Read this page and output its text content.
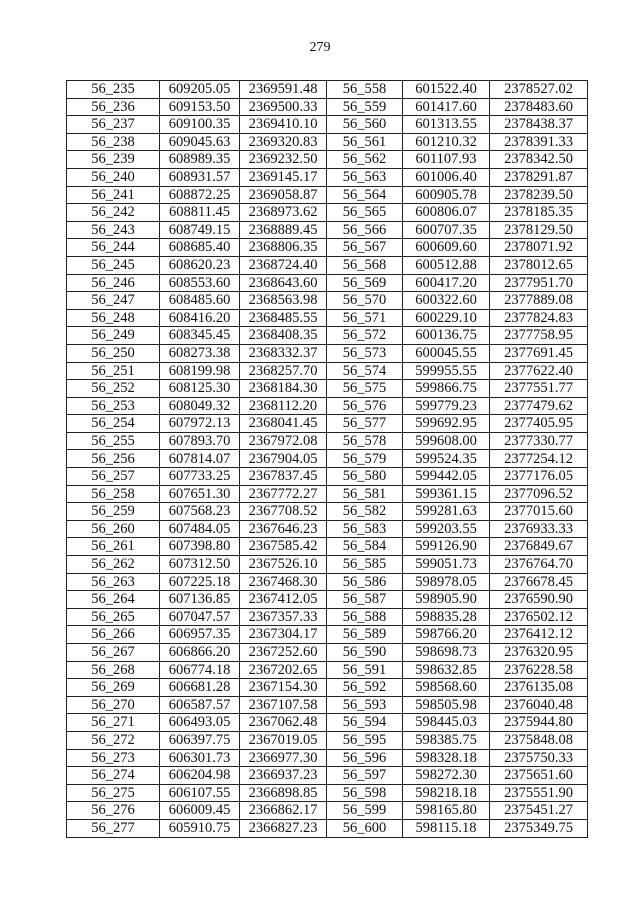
279
56_235	609205.05	2369591.48	56_558	601522.40	2378527.02
56_236	609153.50	2369500.33	56_559	601417.60	2378483.60
56_237	609100.35	2369410.10	56_560	601313.55	2378438.37
56_238	609045.63	2369320.83	56_561	601210.32	2378391.33
56_239	608989.35	2369232.50	56_562	601107.93	2378342.50
56_240	608931.57	2369145.17	56_563	601006.40	2378291.87
56_241	608872.25	2369058.87	56_564	600905.78	2378239.50
56_242	608811.45	2368973.62	56_565	600806.07	2378185.35
56_243	608749.15	2368889.45	56_566	600707.35	2378129.50
56_244	608685.40	2368806.35	56_567	600609.60	2378071.92
56_245	608620.23	2368724.40	56_568	600512.88	2378012.65
56_246	608553.60	2368643.60	56_569	600417.20	2377951.70
56_247	608485.60	2368563.98	56_570	600322.60	2377889.08
56_248	608416.20	2368485.55	56_571	600229.10	2377824.83
56_249	608345.45	2368408.35	56_572	600136.75	2377758.95
56_250	608273.38	2368332.37	56_573	600045.55	2377691.45
56_251	608199.98	2368257.70	56_574	599955.55	2377622.40
56_252	608125.30	2368184.30	56_575	599866.75	2377551.77
56_253	608049.32	2368112.20	56_576	599779.23	2377479.62
56_254	607972.13	2368041.45	56_577	599692.95	2377405.95
56_255	607893.70	2367972.08	56_578	599608.00	2377330.77
56_256	607814.07	2367904.05	56_579	599524.35	2377254.12
56_257	607733.25	2367837.45	56_580	599442.05	2377176.05
56_258	607651.30	2367772.27	56_581	599361.15	2377096.52
56_259	607568.23	2367708.52	56_582	599281.63	2377015.60
56_260	607484.05	2367646.23	56_583	599203.55	2376933.33
56_261	607398.80	2367585.42	56_584	599126.90	2376849.67
56_262	607312.50	2367526.10	56_585	599051.73	2376764.70
56_263	607225.18	2367468.30	56_586	598978.05	2376678.45
56_264	607136.85	2367412.05	56_587	598905.90	2376590.90
56_265	607047.57	2367357.33	56_588	598835.28	2376502.12
56_266	606957.35	2367304.17	56_589	598766.20	2376412.12
56_267	606866.20	2367252.60	56_590	598698.73	2376320.95
56_268	606774.18	2367202.65	56_591	598632.85	2376228.58
56_269	606681.28	2367154.30	56_592	598568.60	2376135.08
56_270	606587.57	2367107.58	56_593	598505.98	2376040.48
56_271	606493.05	2367062.48	56_594	598445.03	2375944.80
56_272	606397.75	2367019.05	56_595	598385.75	2375848.08
56_273	606301.73	2366977.30	56_596	598328.18	2375750.33
56_274	606204.98	2366937.23	56_597	598272.30	2375651.60
56_275	606107.55	2366898.85	56_598	598218.18	2375551.90
56_276	606009.45	2366862.17	56_599	598165.80	2375451.27
56_277	605910.75	2366827.23	56_600	598115.18	2375349.75
